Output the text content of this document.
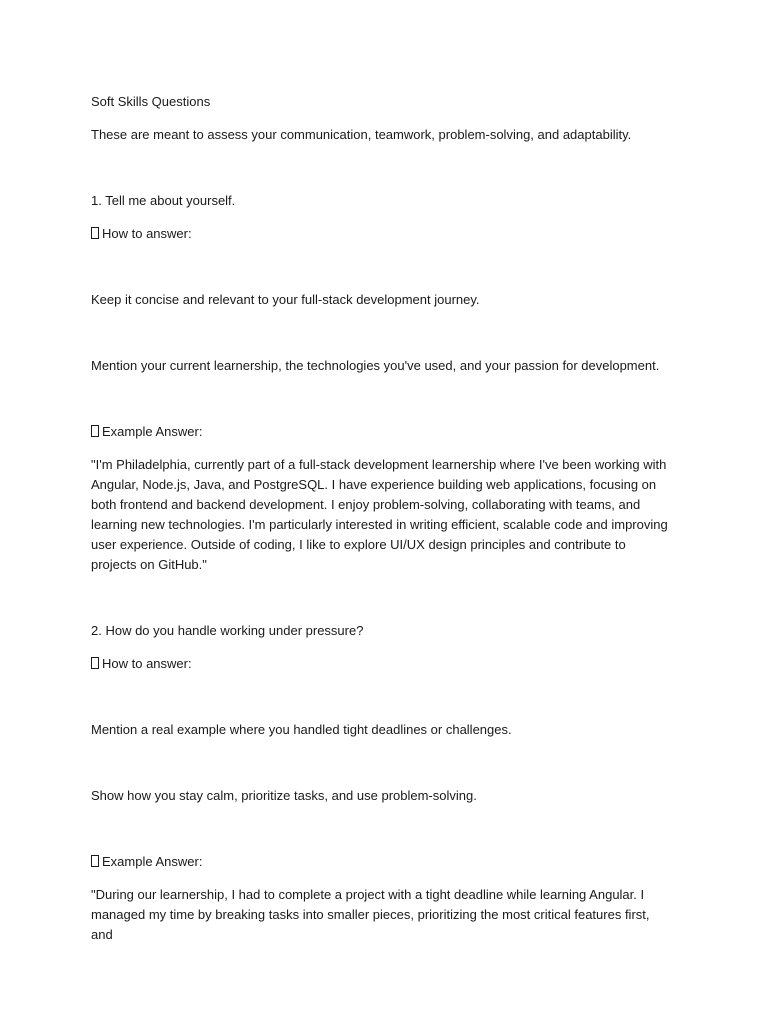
Soft Skills Questions

These are meant to assess your communication, teamwork, problem-solving, and adaptability.

1. Tell me about yourself.

How to answer:

Keep it concise and relevant to your full-stack development journey.

Mention your current learnership, the technologies you've used, and your passion for development.

Example Answer:

"I'm Philadelphia, currently part of a full-stack development learnership where I've been working with Angular, Node.js, Java, and PostgreSQL. I have experience building web applications, focusing on both frontend and backend development. I enjoy problem-solving, collaborating with teams, and learning new technologies. I'm particularly interested in writing efficient, scalable code and improving user experience. Outside of coding, I like to explore UI/UX design principles and contribute to projects on GitHub."

2. How do you handle working under pressure?

How to answer:

Mention a real example where you handled tight deadlines or challenges.

Show how you stay calm, prioritize tasks, and use problem-solving.

Example Answer:

"During our learnership, I had to complete a project with a tight deadline while learning Angular. I managed my time by breaking tasks into smaller pieces, prioritizing the most critical features first, and
